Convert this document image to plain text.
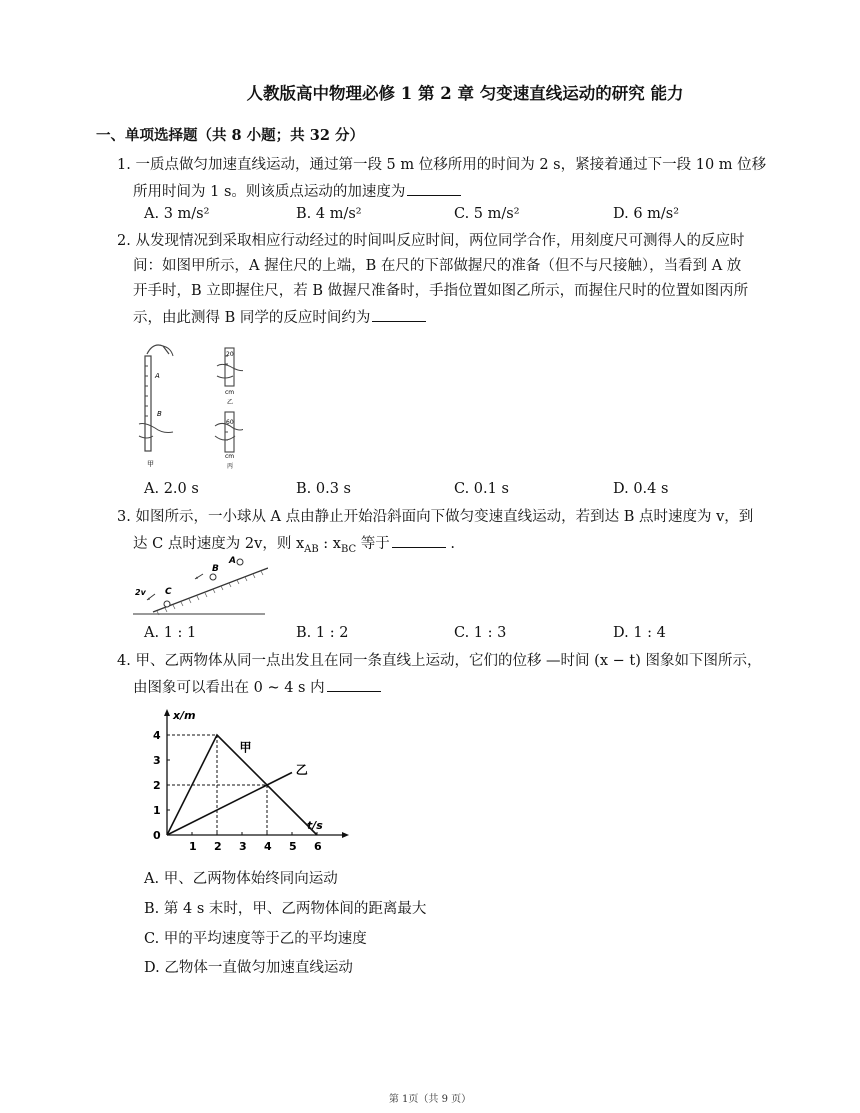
人教版高中物理必修 1 第 2 章 匀变速直线运动的研究 能力
一、单项选择题（共 8 小题；共 32 分）
1. 一质点做匀加速直线运动，通过第一段 5 m 位移所用的时间为 2 s，紧接着通过下一段 10 m 位移
所用时间为 1 s。则该质点运动的加速度为
A. 3 m/s²	B. 4 m/s²	C. 5 m/s²	D. 6 m/s²
2. 从发现情况到采取相应行动经过的时间叫反应时间，两位同学合作，用刻度尺可测得人的反应时
间：如图甲所示，A 握住尺的上端，B 在尺的下部做握尺的准备（但不与尺接触），当看到 A 放
开手时，B 立即握住尺，若 B 做握尺准备时，手指位置如图乙所示，而握住尺时的位置如图丙所
示，由此测得 B 同学的反应时间约为
A
B
甲
20
cm
乙
60
cm
丙
A. 2.0 s	B. 0.3 s	C. 0.1 s	D. 0.4 s
3. 如图所示，一小球从 A 点由静止开始沿斜面向下做匀变速直线运动，若到达 B 点时速度为 v，到
达 C 点时速度为 2v，则 $x_{AB}$ : $x_{BC}$ 等于	.
A
B
C
2v
A. 1 : 1	B. 1 : 2	C. 1 : 3	D. 1 : 4
4. 甲、乙两物体从同一点出发且在同一条直线上运动，它们的位移 —时间 (x − t) 图象如下图所示，
由图象可以看出在 0 ~ 4 s 内
t/s
x/m
0
1 2 3 4 5 6
1
2
3
4
甲
乙
A. 甲、乙两物体始终同向运动
B. 第 4 s 末时，甲、乙两物体间的距离最大
C. 甲的平均速度等于乙的平均速度
D. 乙物体一直做匀加速直线运动
第 1页（共 9 页）
